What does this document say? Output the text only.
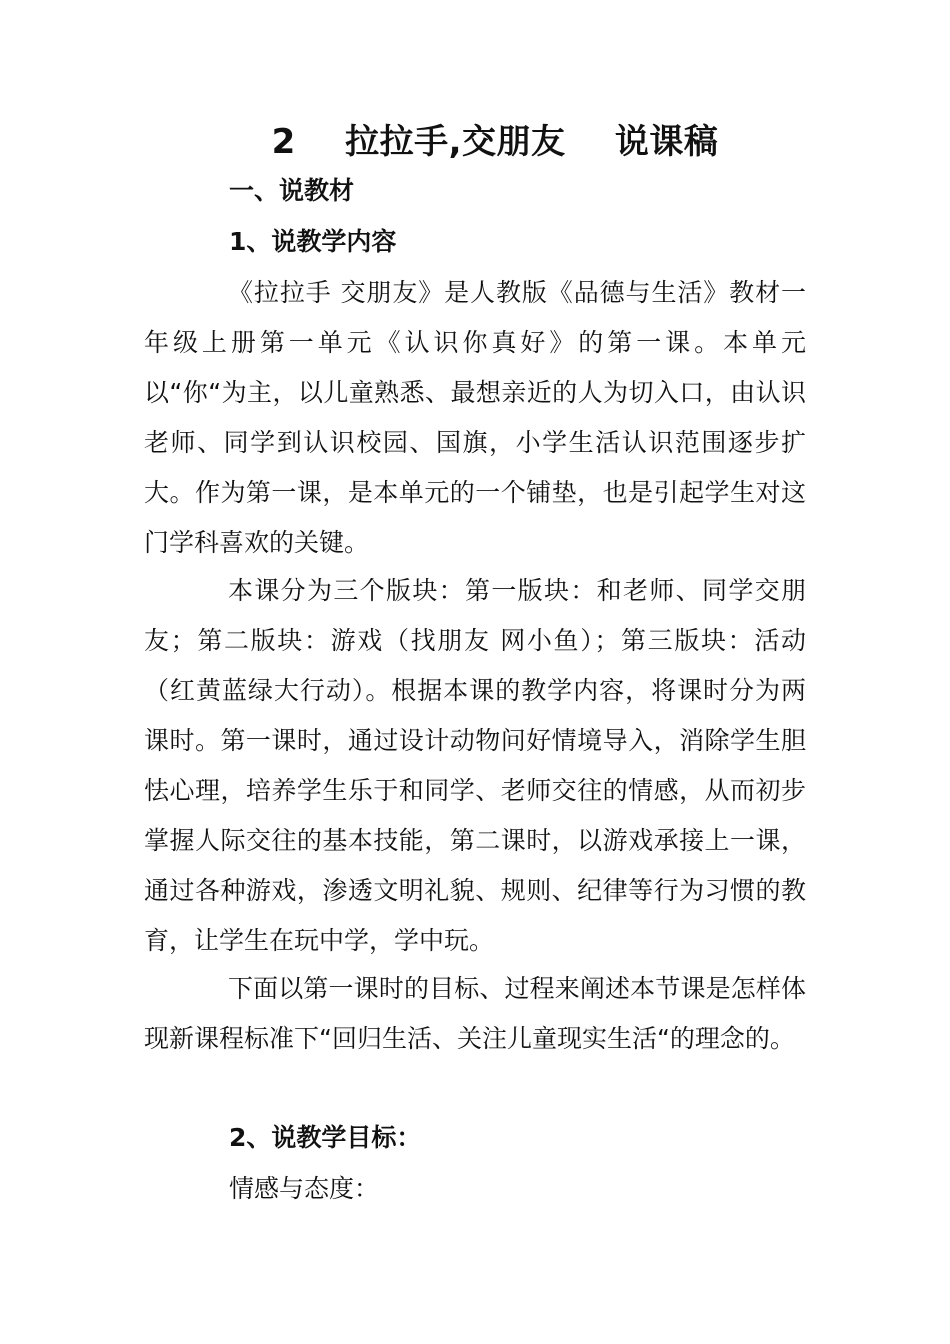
2    拉拉手,交朋友    说课稿
一、说教材
1、说教学内容

《拉拉手 交朋友》是人教版《品德与生活》教材一年级上册第一单元《认识你真好》的第一课。本单元以“你“为主，以儿童熟悉、最想亲近的人为切入口，由认识老师、同学到认识校园、国旗，小学生活认识范围逐步扩大。作为第一课，是本单元的一个铺垫，也是引起学生对这门学科喜欢的关键。

本课分为三个版块：第一版块：和老师、同学交朋友；第二版块：游戏（找朋友 网小鱼）；第三版块：活动（红黄蓝绿大行动）。根据本课的教学内容，将课时分为两课时。第一课时，通过设计动物问好情境导入，消除学生胆怯心理，培养学生乐于和同学、老师交往的情感，从而初步掌握人际交往的基本技能，第二课时，以游戏承接上一课，通过各种游戏，渗透文明礼貌、规则、纪律等行为习惯的教育，让学生在玩中学，学中玩。

下面以第一课时的目标、过程来阐述本节课是怎样体现新课程标准下“回归生活、关注儿童现实生活“的理念的。

2、说教学目标：
情感与态度：
